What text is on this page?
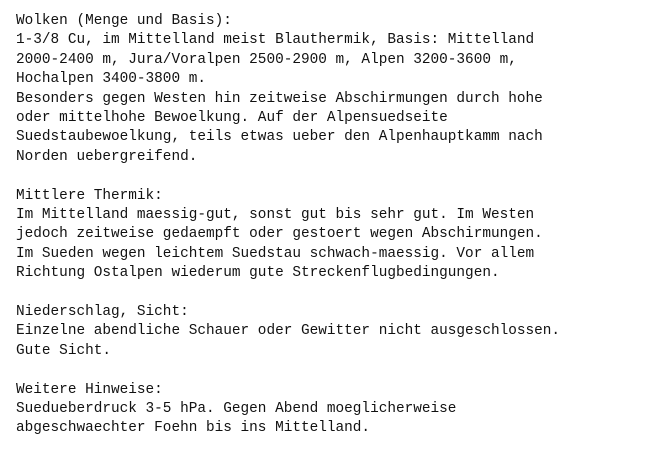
Wolken (Menge und Basis):
1-3/8 Cu, im Mittelland meist Blauthermik, Basis: Mittelland
2000-2400 m, Jura/Voralpen 2500-2900 m, Alpen 3200-3600 m,
Hochalpen 3400-3800 m.
Besonders gegen Westen hin zeitweise Abschirmungen durch hohe
oder mittelhohe Bewoelkung. Auf der Alpensuedseite
Suedstaubewoelkung, teils etwas ueber den Alpenhauptkamm nach
Norden uebergreifend.
Mittlere Thermik:
Im Mittelland maessig-gut, sonst gut bis sehr gut. Im Westen
jedoch zeitweise gedaempft oder gestoert wegen Abschirmungen.
Im Sueden wegen leichtem Suedstau schwach-maessig. Vor allem
Richtung Ostalpen wiederum gute Streckenflugbedingungen.
Niederschlag, Sicht:
Einzelne abendliche Schauer oder Gewitter nicht ausgeschlossen.
Gute Sicht.
Weitere Hinweise:
Suedueberdruck 3-5 hPa. Gegen Abend moeglicherweise
abgeschwaechter Foehn bis ins Mittelland.
